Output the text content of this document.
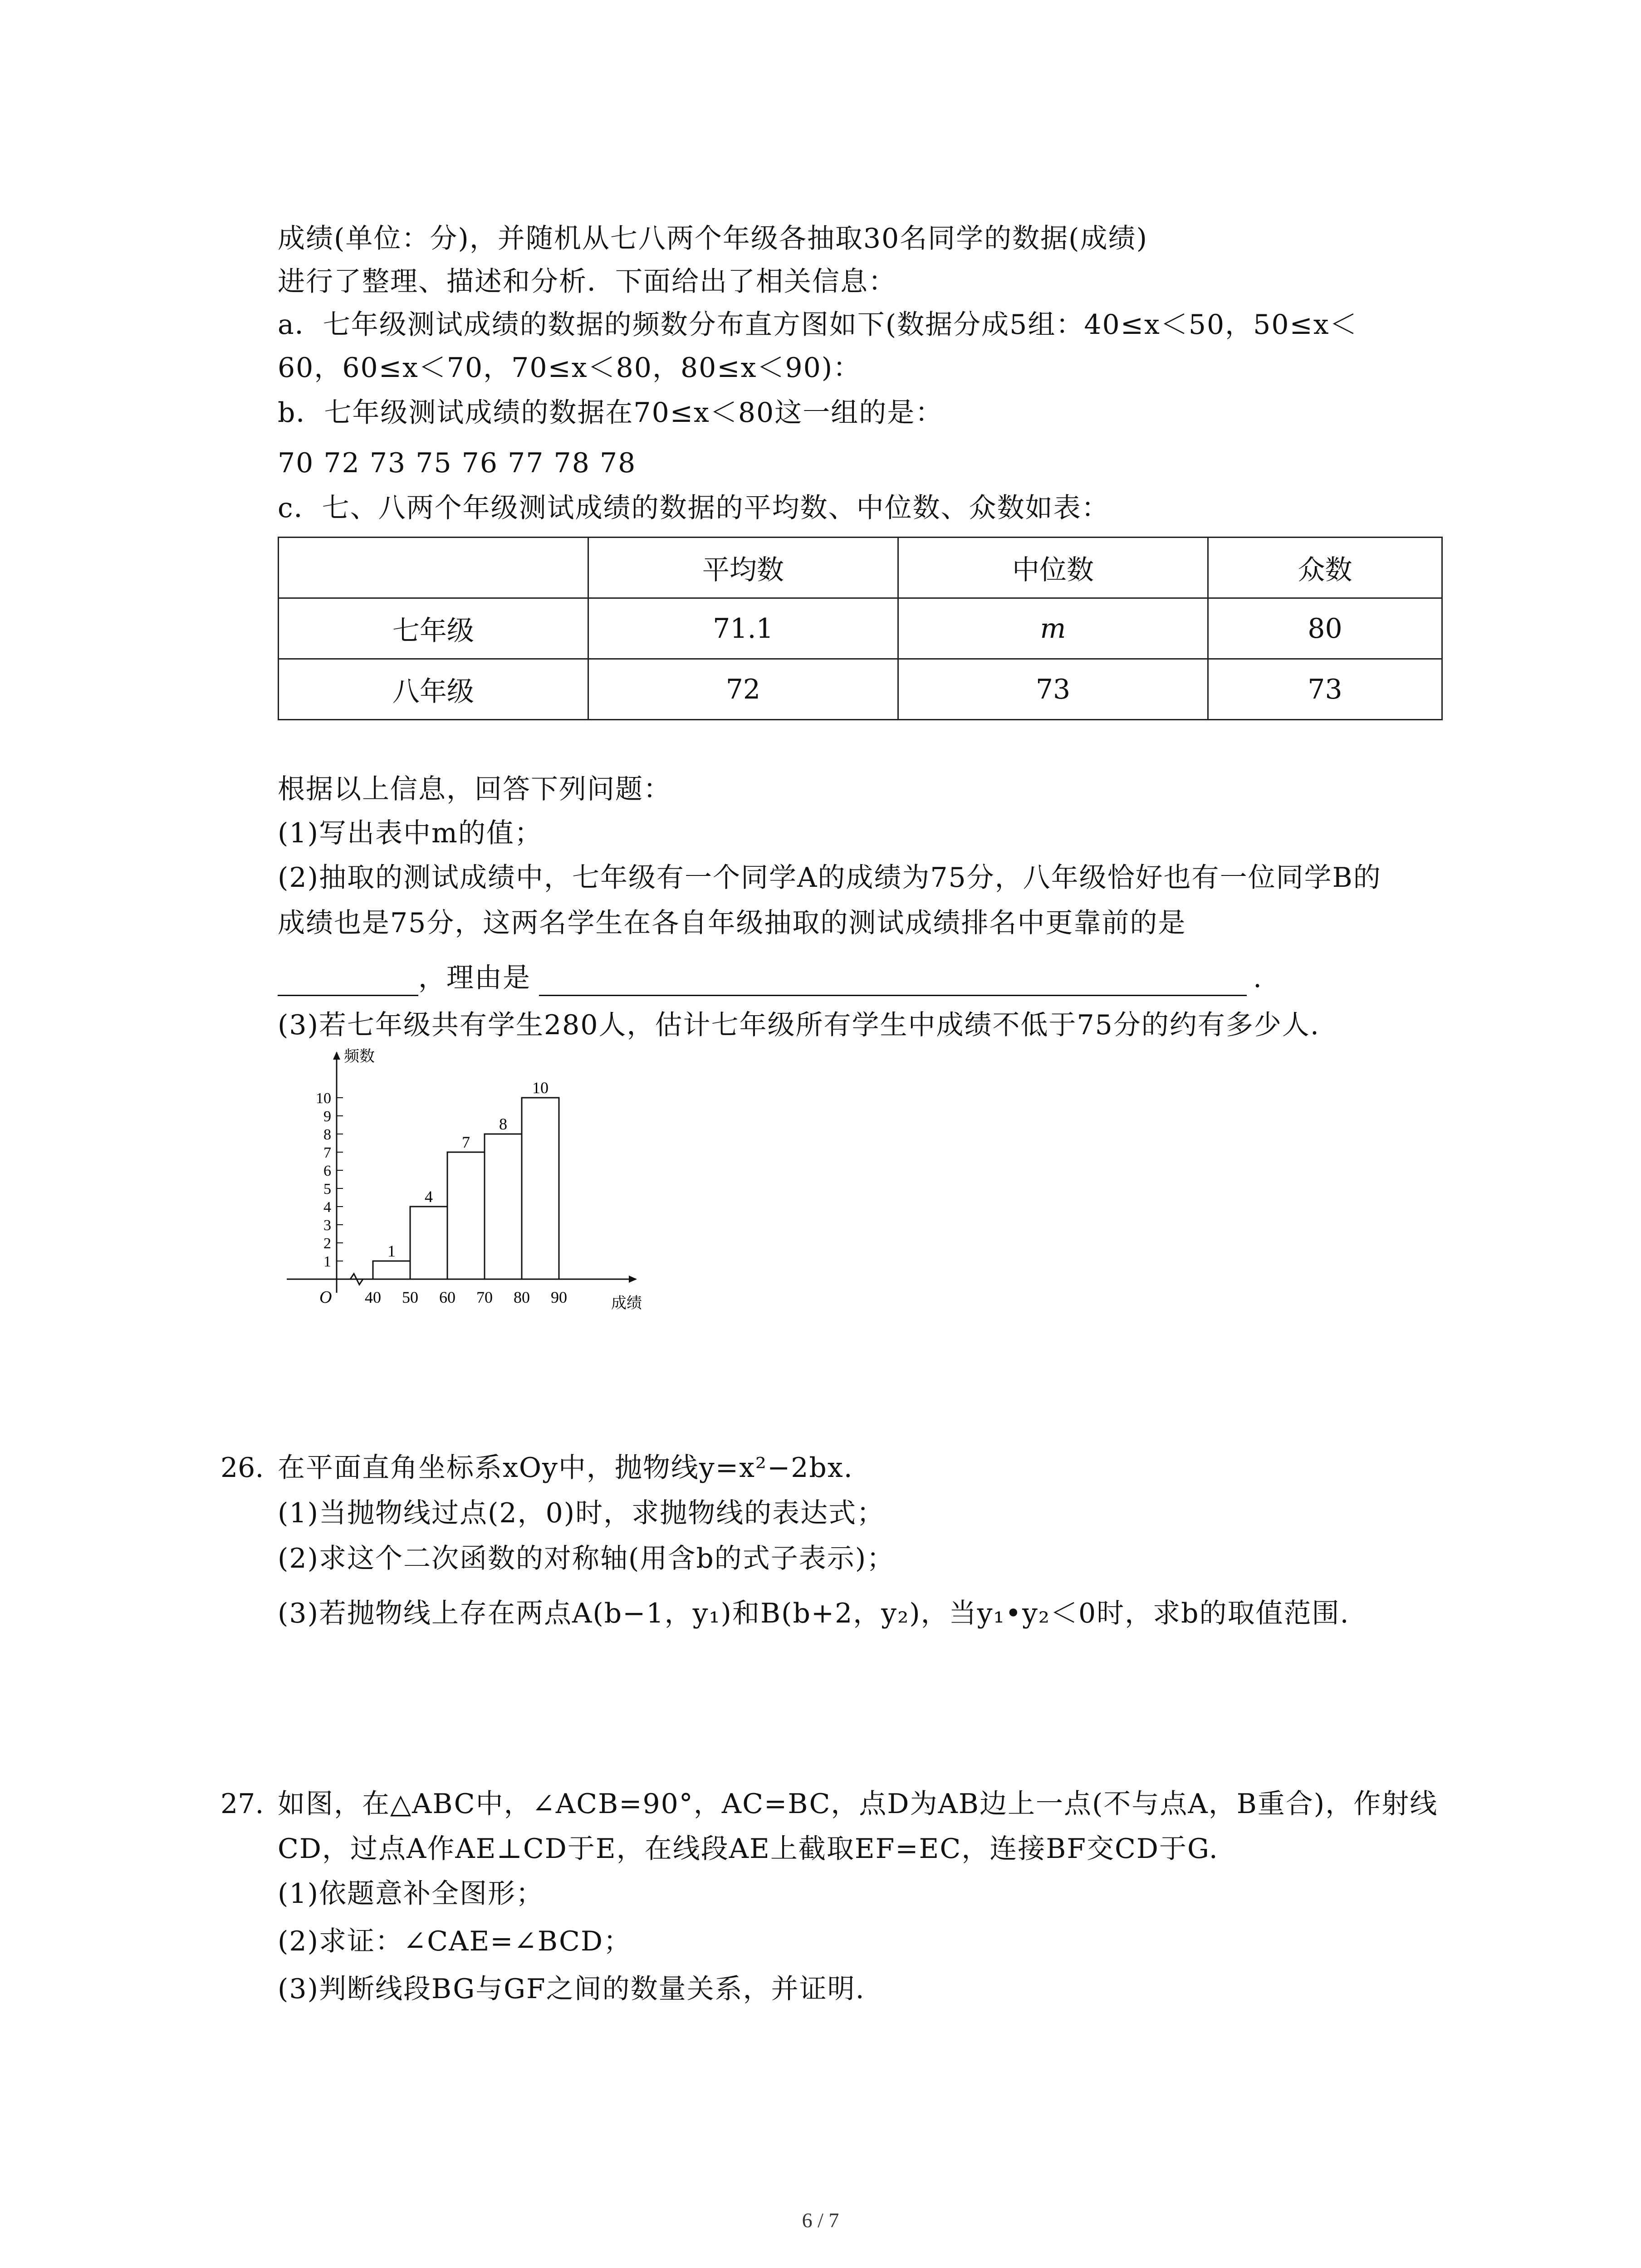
成绩(单位：分)，并随机从七八两个年级各抽取30名同学的数据(成绩)
进行了整理、描述和分析．下面给出了相关信息：
a．七年级测试成绩的数据的频数分布直方图如下(数据分成5组：40≤x＜50，50≤x＜
60，60≤x＜70，70≤x＜80，80≤x＜90)：
b．七年级测试成绩的数据在70≤x＜80这一组的是：
70 72 73 75 76 77 78 78
c．七、八两个年级测试成绩的数据的平均数、中位数、众数如表：
	平均数	中位数	众数
七年级	71.1	m	80
八年级	72	73	73
根据以上信息，回答下列问题：
(1)写出表中m的值；
(2)抽取的测试成绩中，七年级有一个同学A的成绩为75分，八年级恰好也有一位同学B的
成绩也是75分，这两名学生在各自年级抽取的测试成绩排名中更靠前的是
，理由是	.
(3)若七年级共有学生280人，估计七年级所有学生中成绩不低于75分的约有多少人.
O
1
2
3
4
5
6
7
8
9
10
频数
1
4
7
8
10
40 50 60 70 80 90	成绩
26. 在平面直角坐标系xOy中，抛物线y=x²−2bx.
(1)当抛物线过点(2，0)时，求抛物线的表达式；
(2)求这个二次函数的对称轴(用含b的式子表示)；
(3)若抛物线上存在两点A(b−1，y₁)和B(b+2，y₂)，当y₁•y₂＜0时，求b的取值范围.
27. 如图，在△ABC中，∠ACB=90°，AC=BC，点D为AB边上一点(不与点A，B重合)，作射线
CD，过点A作AE⊥CD于E，在线段AE上截取EF=EC，连接BF交CD于G.
(1)依题意补全图形；
(2)求证：∠CAE=∠BCD；
(3)判断线段BG与GF之间的数量关系，并证明.
6 / 7
